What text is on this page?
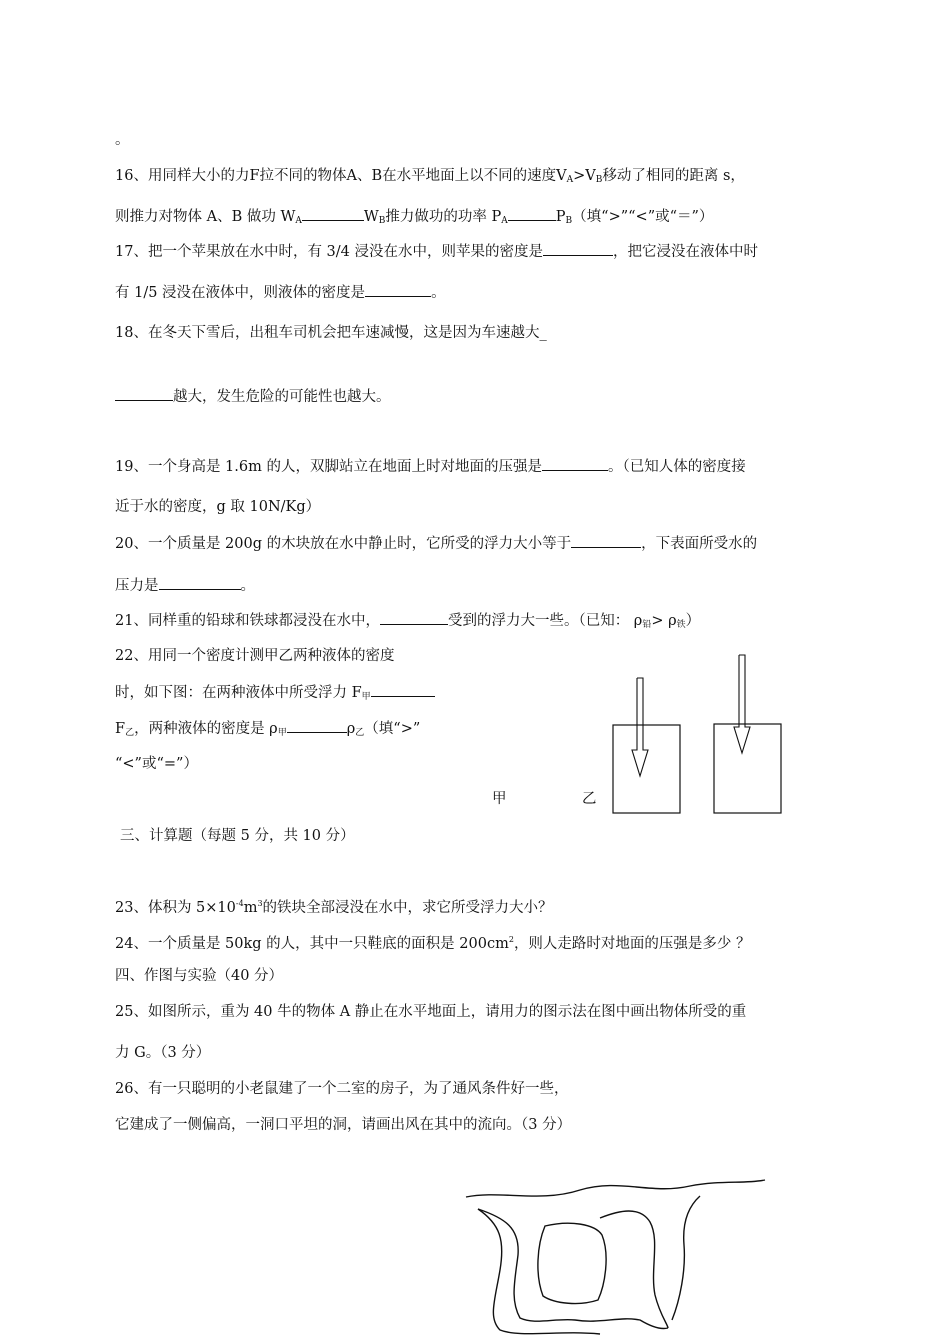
。
16、用同样大小的力F拉不同的物体A、B在水平地面上以不同的速度$V_A>V_B$移动了相同的距离 s，
则推力对物体 A、B 做功 $W_A$	$W_B$推力做功的功率 $P_A$	$P_B$（填“>”“<”或“＝”）
17、把一个苹果放在水中时，有 3/4 浸没在水中，则苹果的密度是	，把它浸没在液体中时
有 1/5 浸没在液体中，则液体的密度是	。
18、在冬天下雪后，出租车司机会把车速减慢，这是因为车速越大_
越大，发生危险的可能性也越大。
19、一个身高是 1.6m 的人，双脚站立在地面上时对地面的压强是	。（已知人体的密度接
近于水的密度，g 取 10N/Kg）
20、一个质量是 200g 的木块放在水中静止时，它所受的浮力大小等于	，下表面所受水的
压力是	。
21、同样重的铅球和铁球都浸没在水中，	受到的浮力大一些。（已知： $\rho_铅> \rho_铁$）
22、用同一个密度计测甲乙两种液体的密度
时，如下图：在两种液体中所受浮力 $F_甲$
$F_乙$，两种液体的密度是 $\rho_甲$	$\rho_乙$（填“>”
“<”或“=”）
甲	乙
三、计算题（每题 5 分，共 10 分）
23、体积为 $5\times 10^{-4}m^3$的铁块全部浸没在水中，求它所受浮力大小？
24、一个质量是 50kg 的人，其中一只鞋底的面积是 $200cm^2$，则人走路时对地面的压强是多少 ？
四、作图与实验（40 分）
25、如图所示，重为 40 牛的物体 A 静止在水平地面上，请用力的图示法在图中画出物体所受的重
力 G。（3 分）
26、有一只聪明的小老鼠建了一个二室的房子，为了通风条件好一些，
它建成了一侧偏高，一洞口平坦的洞，请画出风在其中的流向。（3 分）
